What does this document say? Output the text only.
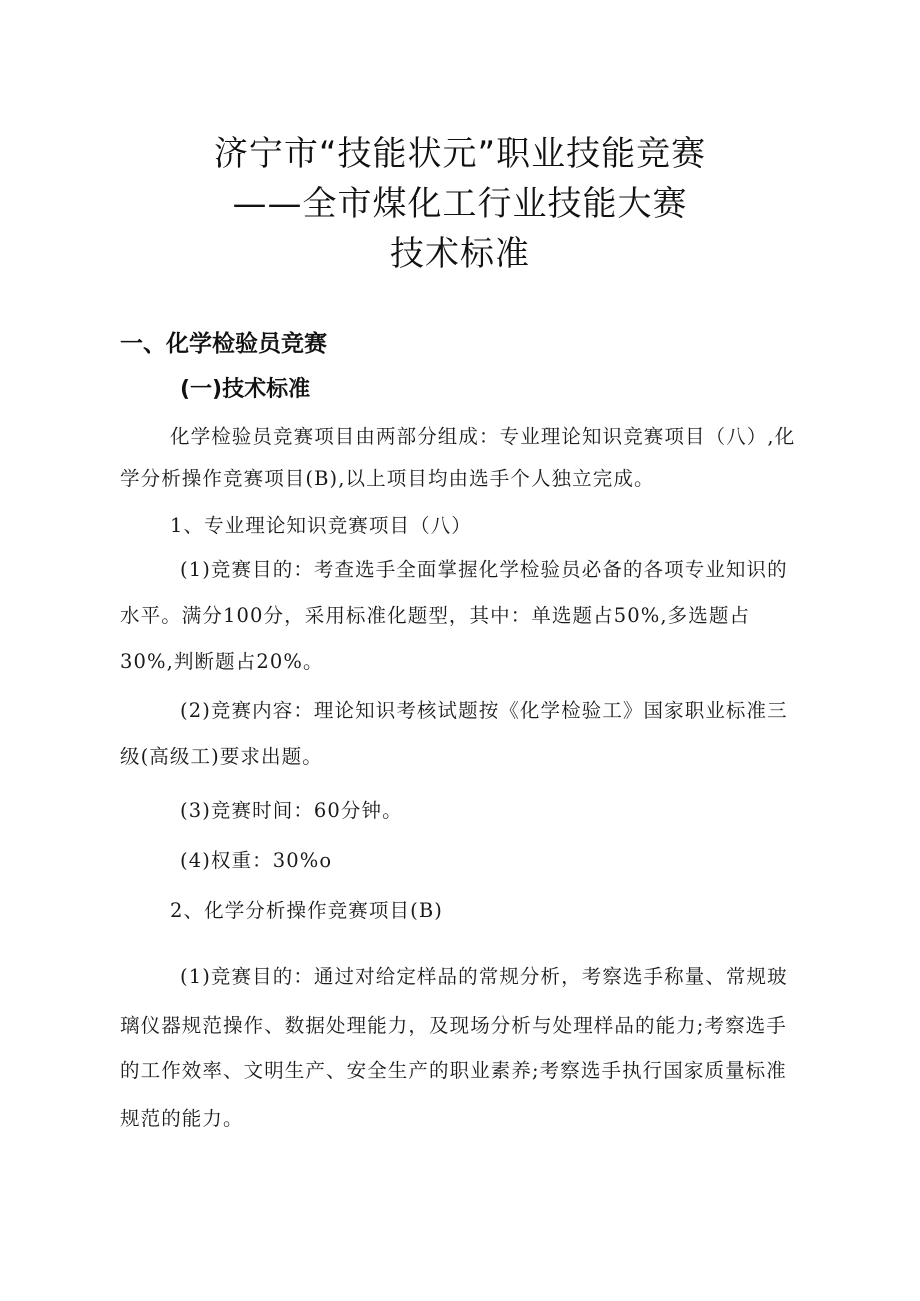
济宁市“技能状元”职业技能竞赛
——全市煤化工行业技能大赛
技术标准
一、化学检验员竞赛
(一)技术标准

化学检验员竞赛项目由两部分组成：专业理论知识竞赛项目（八）,化

学分析操作竞赛项目(B),以上项目均由选手个人独立完成。

1、专业理论知识竞赛项目（八）

(1)竞赛目的：考查选手全面掌握化学检验员必备的各项专业知识的

水平。满分100分，采用标准化题型，其中：单选题占50%,多选题占

30%,判断题占20%。

(2)竞赛内容：理论知识考核试题按《化学检验工》国家职业标准三

级(高级工)要求出题。

(3)竞赛时间：60分钟。

(4)权重：30%o

2、化学分析操作竞赛项目(B)

(1)竞赛目的：通过对给定样品的常规分析，考察选手称量、常规玻

璃仪器规范操作、数据处理能力，及现场分析与处理样品的能力;考察选手

的工作效率、文明生产、安全生产的职业素养;考察选手执行国家质量标准

规范的能力。
